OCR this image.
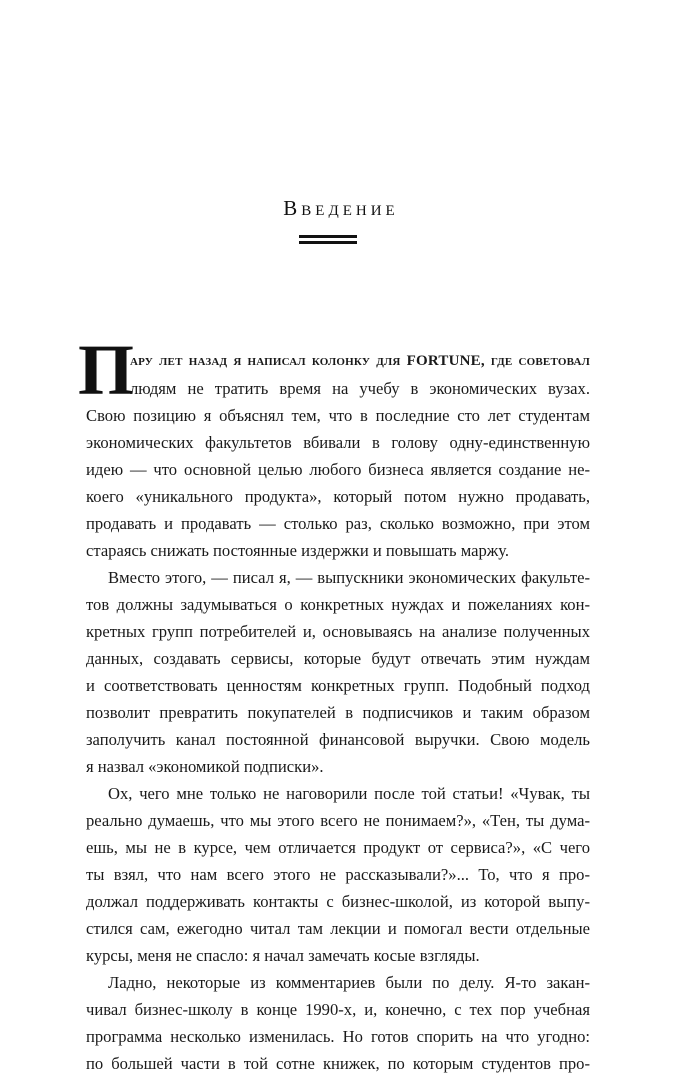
Введение
П
ару лет назад я написал колонку для FORTUNE, где советовал
людям не тратить время на учебу в экономических вузах.
Свою позицию я объяснял тем, что в последние сто лет студентам
экономических факультетов вбивали в голову одну-единственную
идею — что основной целью любого бизнеса является создание не-
коего «уникального продукта», который потом нужно продавать,
продавать и продавать — столько раз, сколько возможно, при этом
стараясь снижать постоянные издержки и повышать маржу.
Вместо этого, — писал я, — выпускники экономических факульте-
тов должны задумываться о конкретных нуждах и пожеланиях кон-
кретных групп потребителей и, основываясь на анализе полученных
данных, создавать сервисы, которые будут отвечать этим нуждам
и соответствовать ценностям конкретных групп. Подобный подход
позволит превратить покупателей в подписчиков и таким образом
заполучить канал постоянной финансовой выручки. Свою модель
я назвал «экономикой подписки».
Ох, чего мне только не наговорили после той статьи! «Чувак, ты
реально думаешь, что мы этого всего не понимаем?», «Тен, ты дума-
ешь, мы не в курсе, чем отличается продукт от сервиса?», «С чего
ты взял, что нам всего этого не рассказывали?»... То, что я про-
должал поддерживать контакты с бизнес-школой, из которой выпу-
стился сам, ежегодно читал там лекции и помогал вести отдельные
курсы, меня не спасло: я начал замечать косые взгляды.
Ладно, некоторые из комментариев были по делу. Я-то закан-
чивал бизнес-школу в конце 1990-х, и, конечно, с тех пор учебная
программа несколько изменилась. Но готов спорить на что угодно:
по большей части в той сотне книжек, по которым студентов про-
